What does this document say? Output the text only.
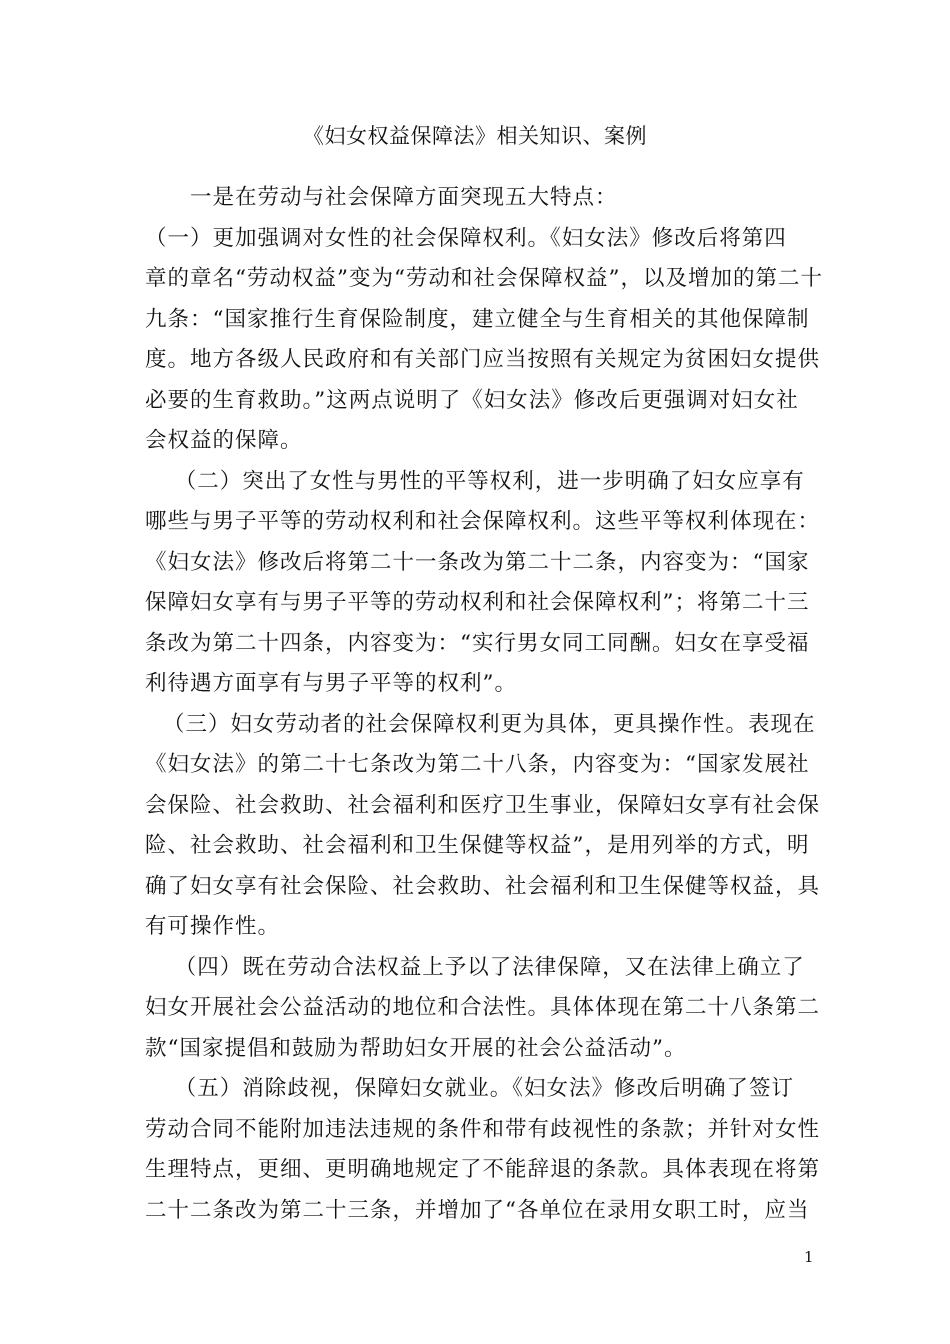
《妇女权益保障法》相关知识、案例
　　一是在劳动与社会保障方面突现五大特点：
（一）更加强调对女性的社会保障权利。《妇女法》修改后将第四
章的章名“劳动权益”变为“劳动和社会保障权益”，以及增加的第二十
九条：“国家推行生育保险制度，建立健全与生育相关的其他保障制
度。地方各级人民政府和有关部门应当按照有关规定为贫困妇女提供
必要的生育救助。”这两点说明了《妇女法》修改后更强调对妇女社
会权益的保障。
　（二）突出了女性与男性的平等权利，进一步明确了妇女应享有
哪些与男子平等的劳动权利和社会保障权利。这些平等权利体现在：
《妇女法》修改后将第二十一条改为第二十二条，内容变为：“国家
保障妇女享有与男子平等的劳动权利和社会保障权利”；将第二十三
条改为第二十四条，内容变为：“实行男女同工同酬。妇女在享受福
利待遇方面享有与男子平等的权利”。
（三）妇女劳动者的社会保障权利更为具体，更具操作性。表现在
《妇女法》的第二十七条改为第二十八条，内容变为：“国家发展社
会保险、社会救助、社会福利和医疗卫生事业，保障妇女享有社会保
险、社会救助、社会福利和卫生保健等权益”，是用列举的方式，明
确了妇女享有社会保险、社会救助、社会福利和卫生保健等权益，具
有可操作性。
　（四）既在劳动合法权益上予以了法律保障，又在法律上确立了
妇女开展社会公益活动的地位和合法性。具体体现在第二十八条第二
款“国家提倡和鼓励为帮助妇女开展的社会公益活动”。
　（五）消除歧视，保障妇女就业。《妇女法》修改后明确了签订
劳动合同不能附加违法违规的条件和带有歧视性的条款；并针对女性
生理特点，更细、更明确地规定了不能辞退的条款。具体表现在将第
二十二条改为第二十三条，并增加了“各单位在录用女职工时，应当
1
